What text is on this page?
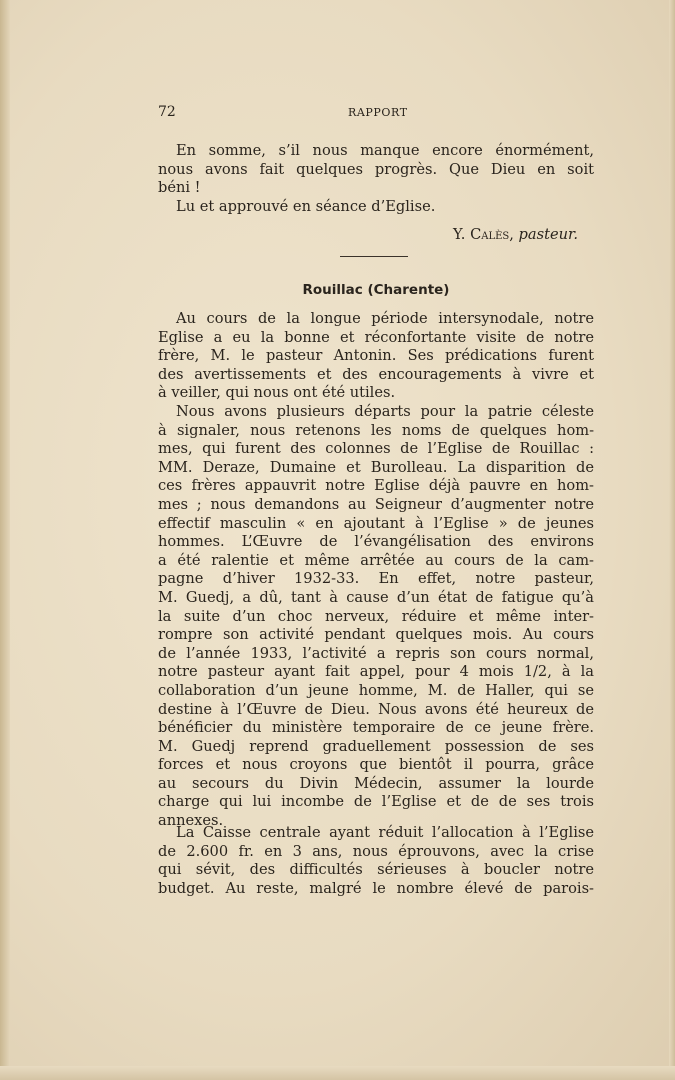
72	RAPPORT
En somme, s’il nous manque encore énormément,
nous avons fait quelques progrès. Que Dieu en soit
béni !
Lu et approuvé en séance d’Eglise.
Y. Calès, pasteur.
Rouillac (Charente)
Au cours de la longue période intersynodale, notre
Eglise a eu la bonne et réconfortante visite de notre
frère, M. le pasteur Antonin. Ses prédications furent
des avertissements et des encouragements à vivre et
à veiller, qui nous ont été utiles.
Nous avons plusieurs départs pour la patrie céleste
à signaler, nous retenons les noms de quelques hom-
mes, qui furent des colonnes de l’Eglise de Rouillac :
MM. Deraze, Dumaine et Burolleau. La disparition de
ces frères appauvrit notre Eglise déjà pauvre en hom-
mes ; nous demandons au Seigneur d’augmenter notre
effectif masculin « en ajoutant à l’Eglise » de jeunes
hommes. L’Œuvre de l’évangélisation des environs
a été ralentie et même arrêtée au cours de la cam-
pagne d’hiver 1932-33. En effet, notre pasteur,
M. Guedj, a dû, tant à cause d’un état de fatigue qu’à
la suite d’un choc nerveux, réduire et même inter-
rompre son activité pendant quelques mois. Au cours
de l’année 1933, l’activité a repris son cours normal,
notre pasteur ayant fait appel, pour 4 mois 1/2, à la
collaboration d’un jeune homme, M. de Haller, qui se
destine à l’Œuvre de Dieu. Nous avons été heureux de
bénéficier du ministère temporaire de ce jeune frère.
M. Guedj reprend graduellement possession de ses
forces et nous croyons que bientôt il pourra, grâce
au secours du Divin Médecin, assumer la lourde
charge qui lui incombe de l’Eglise et de de ses trois
annexes.
La Caisse centrale ayant réduit l’allocation à l’Eglise
de 2.600 fr. en 3 ans, nous éprouvons, avec la crise
qui sévit, des difficultés sérieuses à boucler notre
budget. Au reste, malgré le nombre élevé de parois-
